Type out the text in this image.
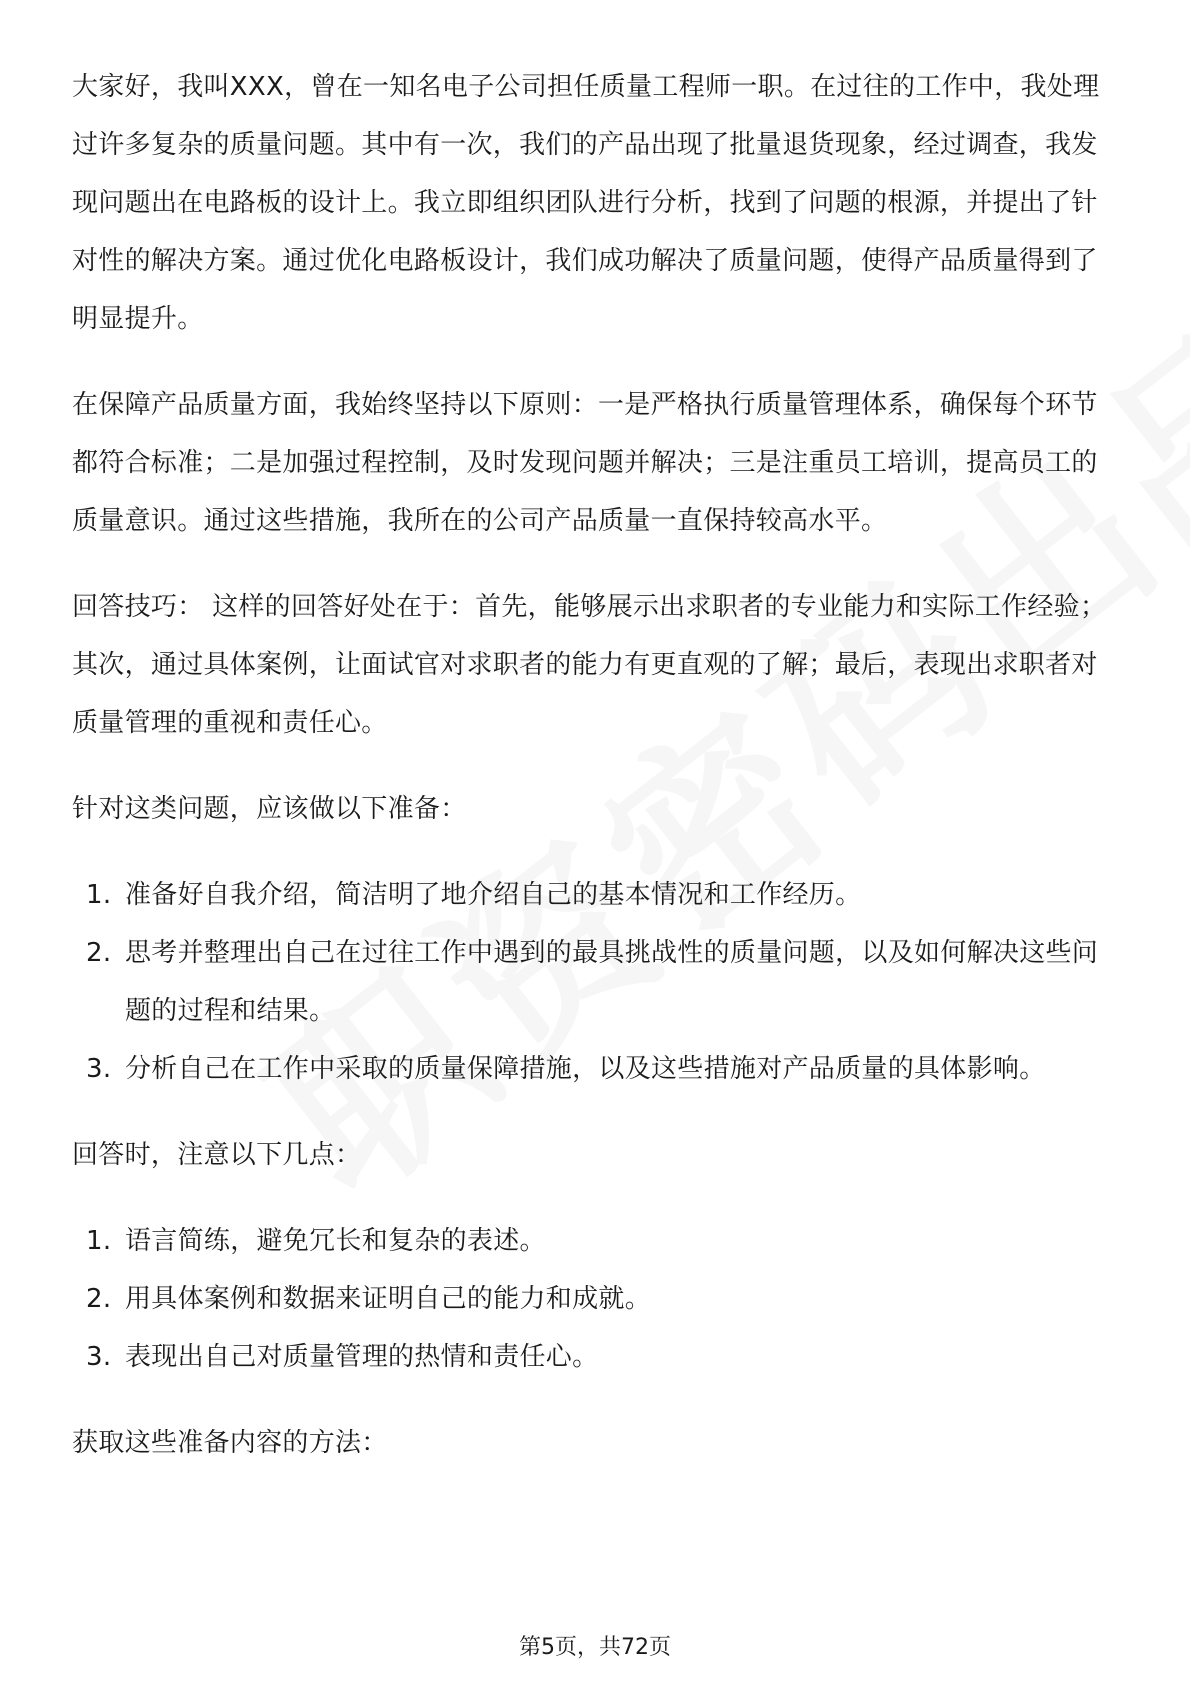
大家好，我叫XXX，曾在一知名电子公司担任质量工程师一职。在过往的工作中，我处理过许多复杂的质量问题。其中有一次，我们的产品出现了批量退货现象，经过调查，我发现问题出在电路板的设计上。我立即组织团队进行分析，找到了问题的根源，并提出了针对性的解决方案。通过优化电路板设计，我们成功解决了质量问题，使得产品质量得到了明显提升。

在保障产品质量方面，我始终坚持以下原则：一是严格执行质量管理体系，确保每个环节都符合标准；二是加强过程控制，及时发现问题并解决；三是注重员工培训，提高员工的质量意识。通过这些措施，我所在的公司产品质量一直保持较高水平。

回答技巧： 这样的回答好处在于：首先，能够展示出求职者的专业能力和实际工作经验；其次，通过具体案例，让面试官对求职者的能力有更直观的了解；最后，表现出求职者对质量管理的重视和责任心。

针对这类问题，应该做以下准备：

1. 准备好自我介绍，简洁明了地介绍自己的基本情况和工作经历。
2. 思考并整理出自己在过往工作中遇到的最具挑战性的质量问题，以及如何解决这些问题的过程和结果。
3. 分析自己在工作中采取的质量保障措施，以及这些措施对产品质量的具体影响。

回答时，注意以下几点：

1. 语言简练，避免冗长和复杂的表述。
2. 用具体案例和数据来证明自己的能力和成就。
3. 表现出自己对质量管理的热情和责任心。

获取这些准备内容的方法：

第5页，共72页
